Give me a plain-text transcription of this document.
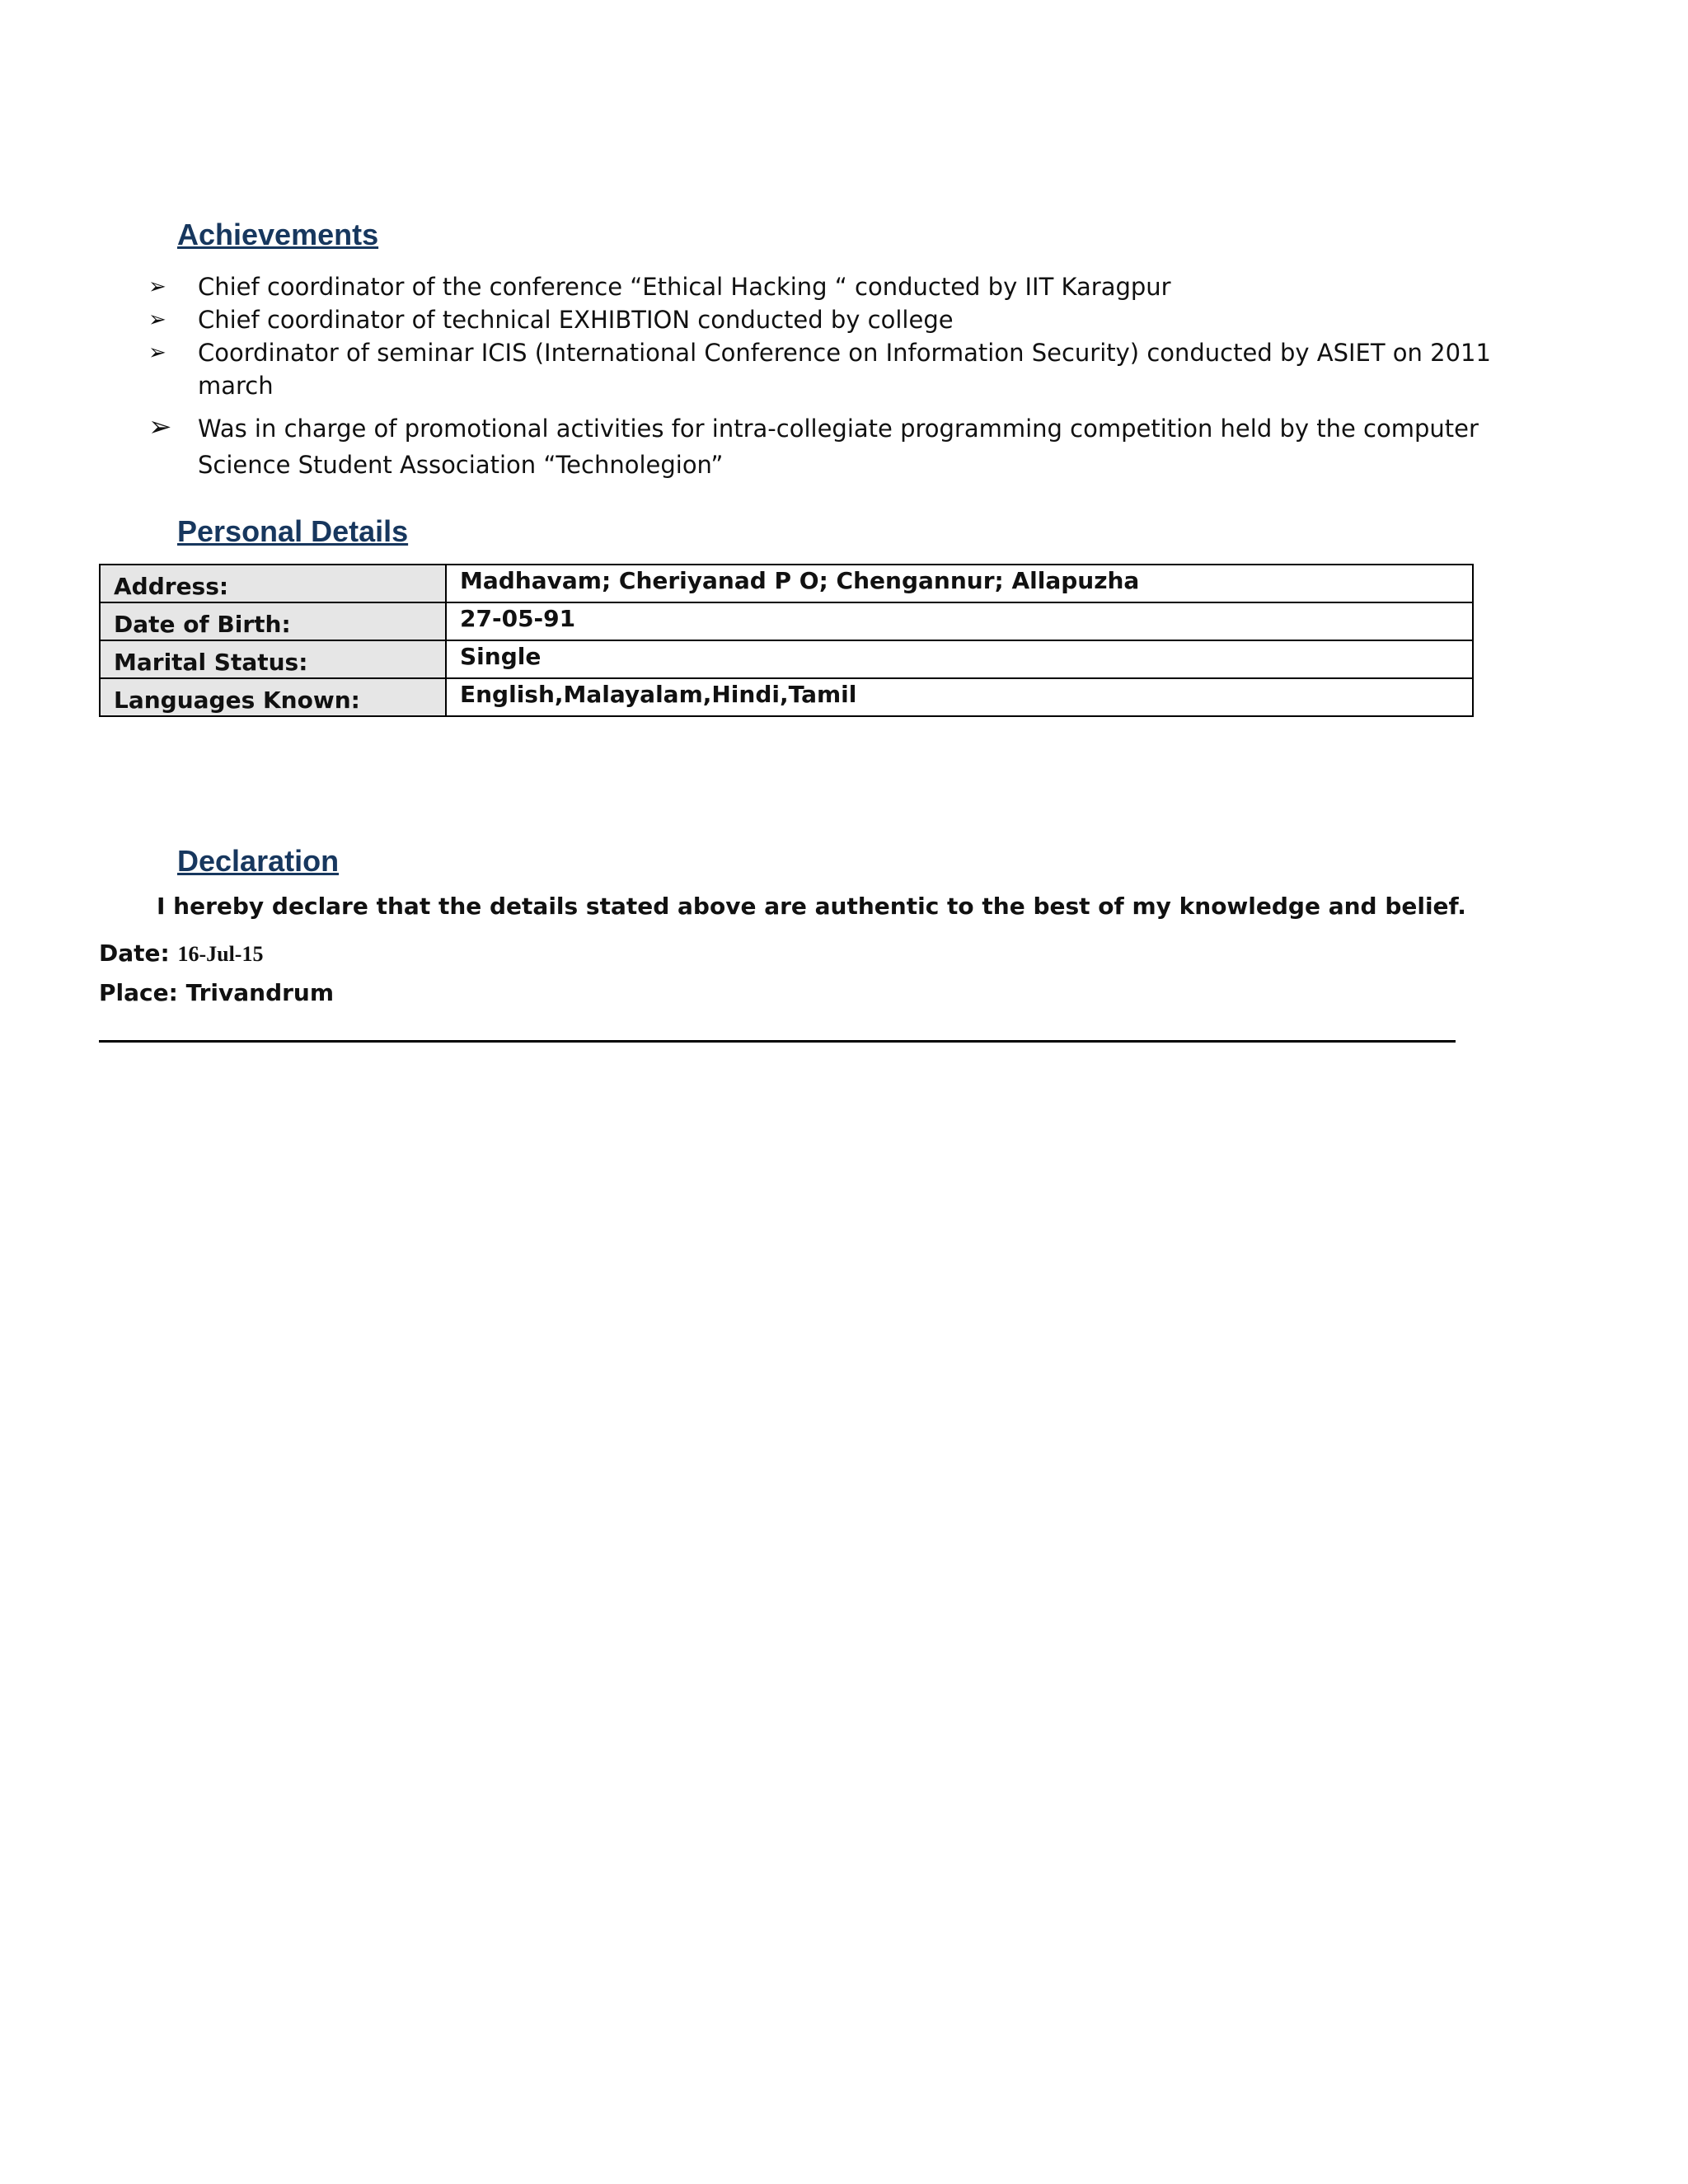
Achievements
➢ Chief coordinator of the conference “Ethical Hacking “ conducted by IIT Karagpur
➢ Chief coordinator of technical EXHIBTION conducted by college
➢ Coordinator of seminar ICIS (International Conference on Information Security) conducted by ASIET on 2011 march
➢ Was in charge of promotional activities for intra-collegiate programming competition held by the computer Science Student Association “Technolegion”
Personal Details
Address:	Madhavam; Cheriyanad P O; Chengannur; Allapuzha
Date of Birth:	27-05-91
Marital Status:	Single
Languages Known:	English,Malayalam,Hindi,Tamil
Declaration

I hereby declare that the details stated above are authentic to the best of my knowledge and belief.

Date: 16-Jul-15
Place: Trivandrum
